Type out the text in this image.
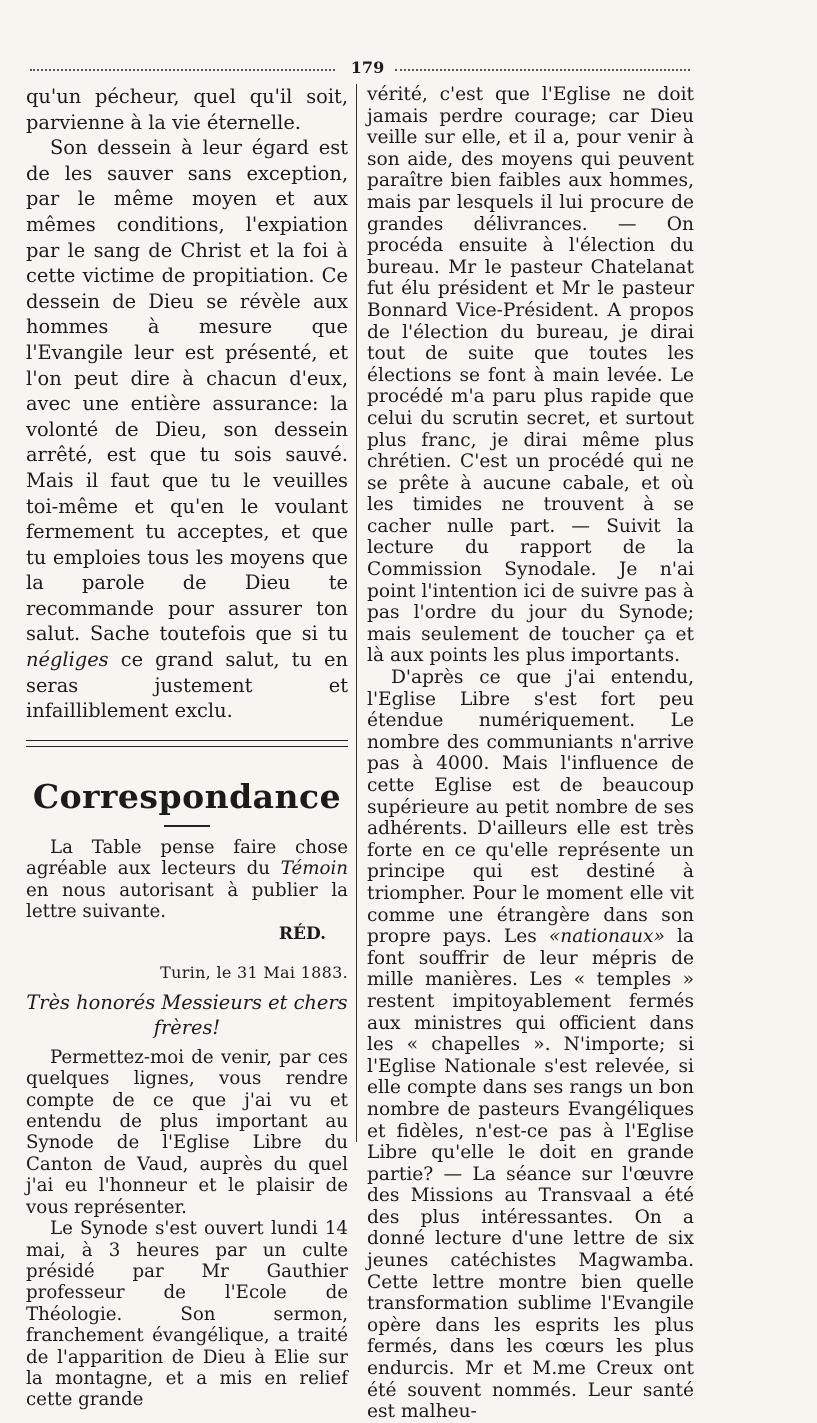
179

qu'un pécheur, quel qu'il soit, parvienne à la vie éternelle.

Son dessein à leur égard est de les sauver sans exception, par le même moyen et aux mêmes conditions, l'expiation par le sang de Christ et la foi à cette victime de propitiation. Ce dessein de Dieu se révèle aux hommes à mesure que l'Evangile leur est présenté, et l'on peut dire à chacun d'eux, avec une entière assurance: la volonté de Dieu, son dessein arrêté, est que tu sois sauvé. Mais il faut que tu le veuilles toi-même et qu'en le voulant fermement tu acceptes, et que tu emploies tous les moyens que la parole de Dieu te recommande pour assurer ton salut. Sache toutefois que si tu négliges ce grand salut, tu en seras justement et infailliblement exclu.

Correspondance

La Table pense faire chose agréable aux lecteurs du Témoin en nous autorisant à publier la lettre suivante.

RÉD.
Turin, le 31 Mai 1883.
Très honorés Messieurs et chers frères!

Permettez-moi de venir, par ces quelques lignes, vous rendre compte de ce que j'ai vu et entendu de plus important au Synode de l'Eglise Libre du Canton de Vaud, auprès du quel j'ai eu l'honneur et le plaisir de vous représenter.

Le Synode s'est ouvert lundi 14 mai, à 3 heures par un culte présidé par Mr Gauthier professeur de l'Ecole de Théologie. Son sermon, franchement évangélique, a traité de l'apparition de Dieu à Elie sur la montagne, et a mis en relief cette grande

vérité, c'est que l'Eglise ne doit jamais perdre courage; car Dieu veille sur elle, et il a, pour venir à son aide, des moyens qui peuvent paraître bien faibles aux hommes, mais par lesquels il lui procure de grandes délivrances. — On procéda ensuite à l'élection du bureau. Mr le pasteur Chatelanat fut élu président et Mr le pasteur Bonnard Vice-Président. A propos de l'élection du bureau, je dirai tout de suite que toutes les élections se font à main levée. Le procédé m'a paru plus rapide que celui du scrutin secret, et surtout plus franc, je dirai même plus chrétien. C'est un procédé qui ne se prête à aucune cabale, et où les timides ne trouvent à se cacher nulle part. — Suivit la lecture du rapport de la Commission Synodale. Je n'ai point l'intention ici de suivre pas à pas l'ordre du jour du Synode; mais seulement de toucher ça et là aux points les plus importants.

D'après ce que j'ai entendu, l'Eglise Libre s'est fort peu étendue numériquement. Le nombre des communiants n'arrive pas à 4000. Mais l'influence de cette Eglise est de beaucoup supérieure au petit nombre de ses adhérents. D'ailleurs elle est très forte en ce qu'elle représente un principe qui est destiné à triompher. Pour le moment elle vit comme une étrangère dans son propre pays. Les «nationaux» la font souffrir de leur mépris de mille manières. Les « temples » restent impitoyablement fermés aux ministres qui officient dans les « chapelles ». N'importe; si l'Eglise Nationale s'est relevée, si elle compte dans ses rangs un bon nombre de pasteurs Evangéliques et fidèles, n'est-ce pas à l'Eglise Libre qu'elle le doit en grande partie? — La séance sur l'œuvre des Missions au Transvaal a été des plus intéressantes. On a donné lecture d'une lettre de six jeunes catéchistes Magwamba. Cette lettre montre bien quelle transformation sublime l'Evangile opère dans les esprits les plus fermés, dans les cœurs les plus endurcis. Mr et M.me Creux ont été souvent nommés. Leur santé est malheu-
